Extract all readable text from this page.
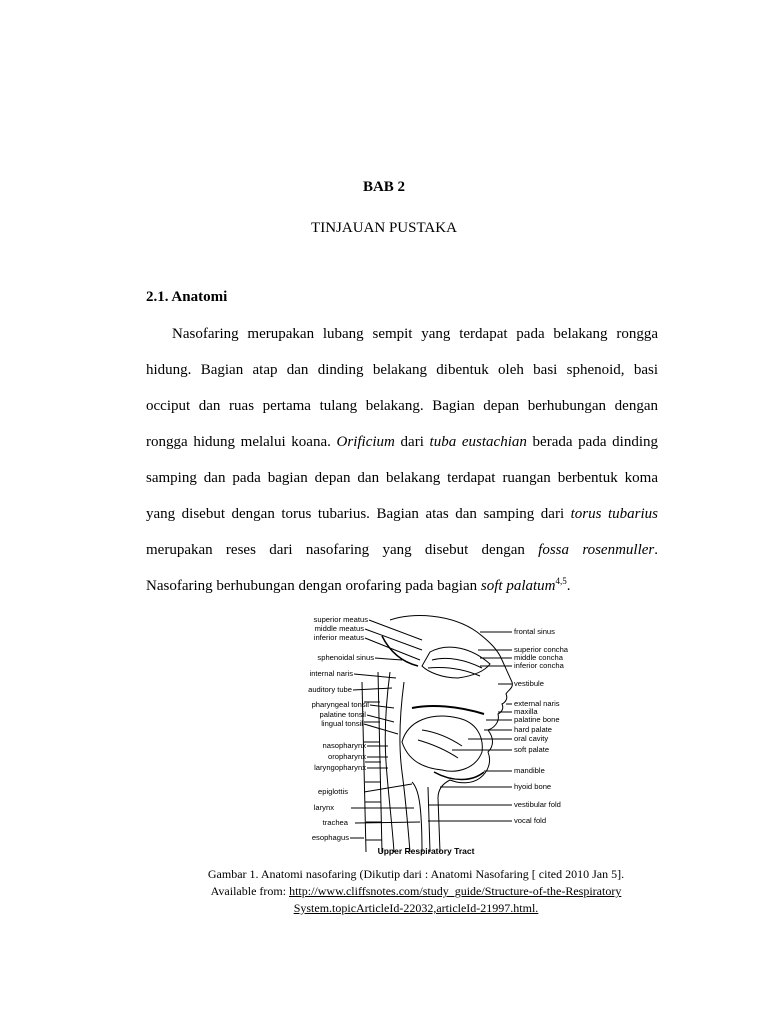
BAB 2
TINJAUAN PUSTAKA
2.1. Anatomi
Nasofaring merupakan lubang sempit yang terdapat pada belakang rongga
hidung. Bagian atap dan dinding belakang dibentuk oleh basi sphenoid, basi
occiput dan ruas pertama tulang belakang. Bagian depan berhubungan dengan
rongga hidung melalui koana. Orificium dari tuba eustachian berada pada dinding
samping dan pada bagian depan dan belakang terdapat ruangan berbentuk koma
yang disebut dengan torus tubarius. Bagian atas dan samping dari torus tubarius
merupakan reses dari nasofaring yang disebut dengan fossa rosenmuller.
Nasofaring berhubungan dengan orofaring pada bagian soft palatum$^{4,5}$.
superior meatus
middle meatus
inferior meatus
sphenoidal sinus
internal naris
auditory tube
pharyngeal tonsil
palatine tonsil
lingual tonsil
nasopharynx
oropharynx
laryngopharynx
epiglottis
larynx
trachea
esophagus
frontal sinus
superior concha
middle concha
inferior concha
vestibule
external naris
maxilla
palatine bone
hard palate
oral cavity
soft palate
mandible
hyoid bone
vestibular fold
vocal fold
Upper Respiratory Tract
Gambar 1. Anatomi nasofaring (Dikutip dari : Anatomi Nasofaring [ cited 2010 Jan 5].
Available from: http://www.cliffsnotes.com/study_guide/Structure-of-the-Respiratory
System.topicArticleId-22032,articleId-21997.html.
